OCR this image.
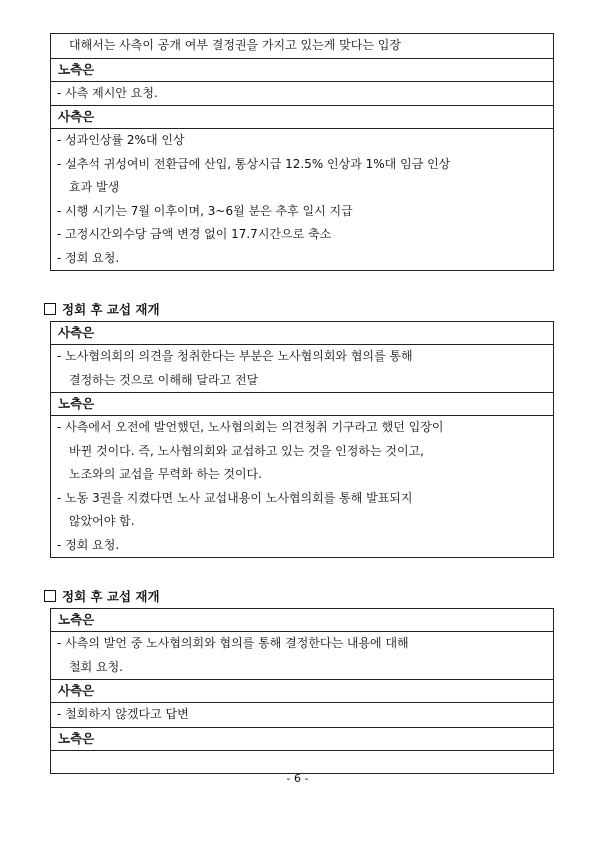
대해서는 사측이 공개 여부 결정권을 가지고 있는게 맞다는 입장

노측은

- 사측 제시안 요청.

사측은

- 성과인상률 2%대 인상
- 설추석 귀성여비 전환급에 산입, 통상시급 12.5% 인상과 1%대 임금 인상
효과 발생
- 시행 시기는 7월 이후이며, 3~6월 분은 추후 일시 지급
- 고정시간외수당 금액 변경 없이 17.7시간으로 축소
- 정회 요청.
정회 후 교섭 재개
사측은

- 노사협의회의 의견을 청취한다는 부분은 노사협의회와 협의를 통해
결정하는 것으로 이해해 달라고 전달

노측은

- 사측에서 오전에 발언했던, 노사협의회는 의견청취 기구라고 했던 입장이
바뀐 것이다. 즉, 노사협의회와 교섭하고 있는 것을 인정하는 것이고,
노조와의 교섭을 무력화 하는 것이다.
- 노동 3권을 지켰다면 노사 교섭내용이 노사협의회를 통해 발표되지
않았어야 함.
- 정회 요청.
정회 후 교섭 재개
노측은

- 사측의 발언 중 노사협의회와 협의를 통해 결정한다는 내용에 대해
철회 요청.

사측은

- 철회하지 않겠다고 답변

노측은

- 6 -
